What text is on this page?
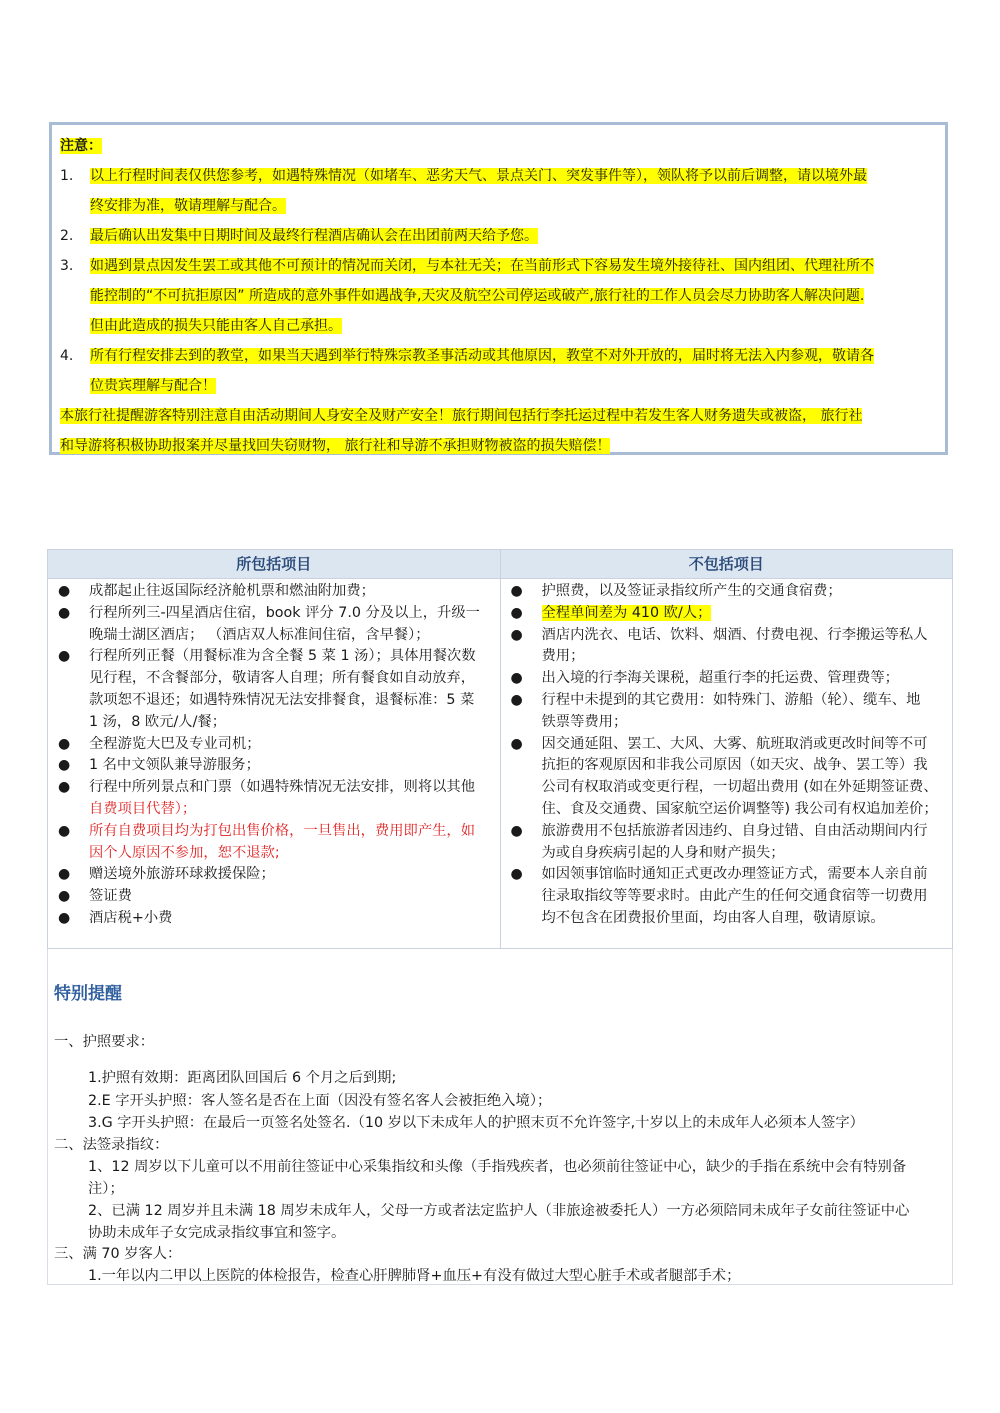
注意：
1. 以上行程时间表仅供您参考，如遇特殊情况（如堵车、恶劣天气、景点关门、突发事件等），领队将予以前后调整，请以境外最
终安排为准，敬请理解与配合。
2. 最后确认出发集中日期时间及最终行程酒店确认会在出团前两天给予您。
3. 如遇到景点因发生罢工或其他不可预计的情况而关闭，与本社无关；在当前形式下容易发生境外接待社、国内组团、代理社所不
能控制的“不可抗拒原因” 所造成的意外事件如遇战争,天灾及航空公司停运或破产,旅行社的工作人员会尽力协助客人解决问题.
但由此造成的损失只能由客人自己承担。
4. 所有行程安排去到的教堂，如果当天遇到举行特殊宗教圣事活动或其他原因，教堂不对外开放的，届时将无法入内参观，敬请各
位贵宾理解与配合！
本旅行社提醒游客特别注意自由活动期间人身安全及财产安全！旅行期间包括行李托运过程中若发生客人财务遗失或被盗， 旅行社
和导游将积极协助报案并尽量找回失窃财物， 旅行社和导游不承担财物被盗的损失赔偿！
所包括项目	不包括项目
● 成都起止往返国际经济舱机票和燃油附加费；
● 行程所列三-四星酒店住宿，book 评分 7.0 分及以上，升级一
晚瑞士湖区酒店； （酒店双人标准间住宿，含早餐）；
● 行程所列正餐（用餐标准为含全餐 5 菜 1 汤）；具体用餐次数
见行程，不含餐部分，敬请客人自理；所有餐食如自动放弃，
款项恕不退还；如遇特殊情况无法安排餐食，退餐标准：5 菜
1 汤，8 欧元/人/餐；
● 全程游览大巴及专业司机；
● 1 名中文领队兼导游服务；
● 行程中所列景点和门票（如遇特殊情况无法安排，则将以其他
自费项目代替）；
● 所有自费项目均为打包出售价格，一旦售出，费用即产生，如
因个人原因不参加，恕不退款;
● 赠送境外旅游环球救援保险；
● 签证费
● 酒店税+小费
● 护照费，以及签证录指纹所产生的交通食宿费；
● 全程单间差为 410 欧/人；
● 酒店内洗衣、电话、饮料、烟酒、付费电视、行李搬运等私人
费用；
● 出入境的行李海关课税，超重行李的托运费、管理费等；
● 行程中未提到的其它费用：如特殊门、游船（轮）、缆车、地
铁票等费用；
● 因交通延阻、罢工、大风、大雾、航班取消或更改时间等不可
抗拒的客观原因和非我公司原因（如天灾、战争、罢工等）我
公司有权取消或变更行程，一切超出费用 (如在外延期签证费、
住、食及交通费、国家航空运价调整等) 我公司有权追加差价；
● 旅游费用不包括旅游者因违约、自身过错、自由活动期间内行
为或自身疾病引起的人身和财产损失；
● 如因领事馆临时通知正式更改办理签证方式，需要本人亲自前
往录取指纹等等要求时。由此产生的任何交通食宿等一切费用
均不包含在团费报价里面，均由客人自理，敬请原谅。
特别提醒
一、护照要求：
1.护照有效期：距离团队回国后 6 个月之后到期;
2.E 字开头护照：客人签名是否在上面（因没有签名客人会被拒绝入境）；
3.G 字开头护照：在最后一页签名处签名.（10 岁以下未成年人的护照末页不允许签字,十岁以上的未成年人必须本人签字）
二、法签录指纹：
1、12 周岁以下儿童可以不用前往签证中心采集指纹和头像（手指残疾者，也必须前往签证中心，缺少的手指在系统中会有特别备
注）；
2、已满 12 周岁并且未满 18 周岁未成年人，父母一方或者法定监护人（非旅途被委托人）一方必须陪同未成年子女前往签证中心
协助未成年子女完成录指纹事宜和签字。
三、满 70 岁客人：
1.一年以内二甲以上医院的体检报告，检查心肝脾肺肾+血压+有没有做过大型心脏手术或者腿部手术；
